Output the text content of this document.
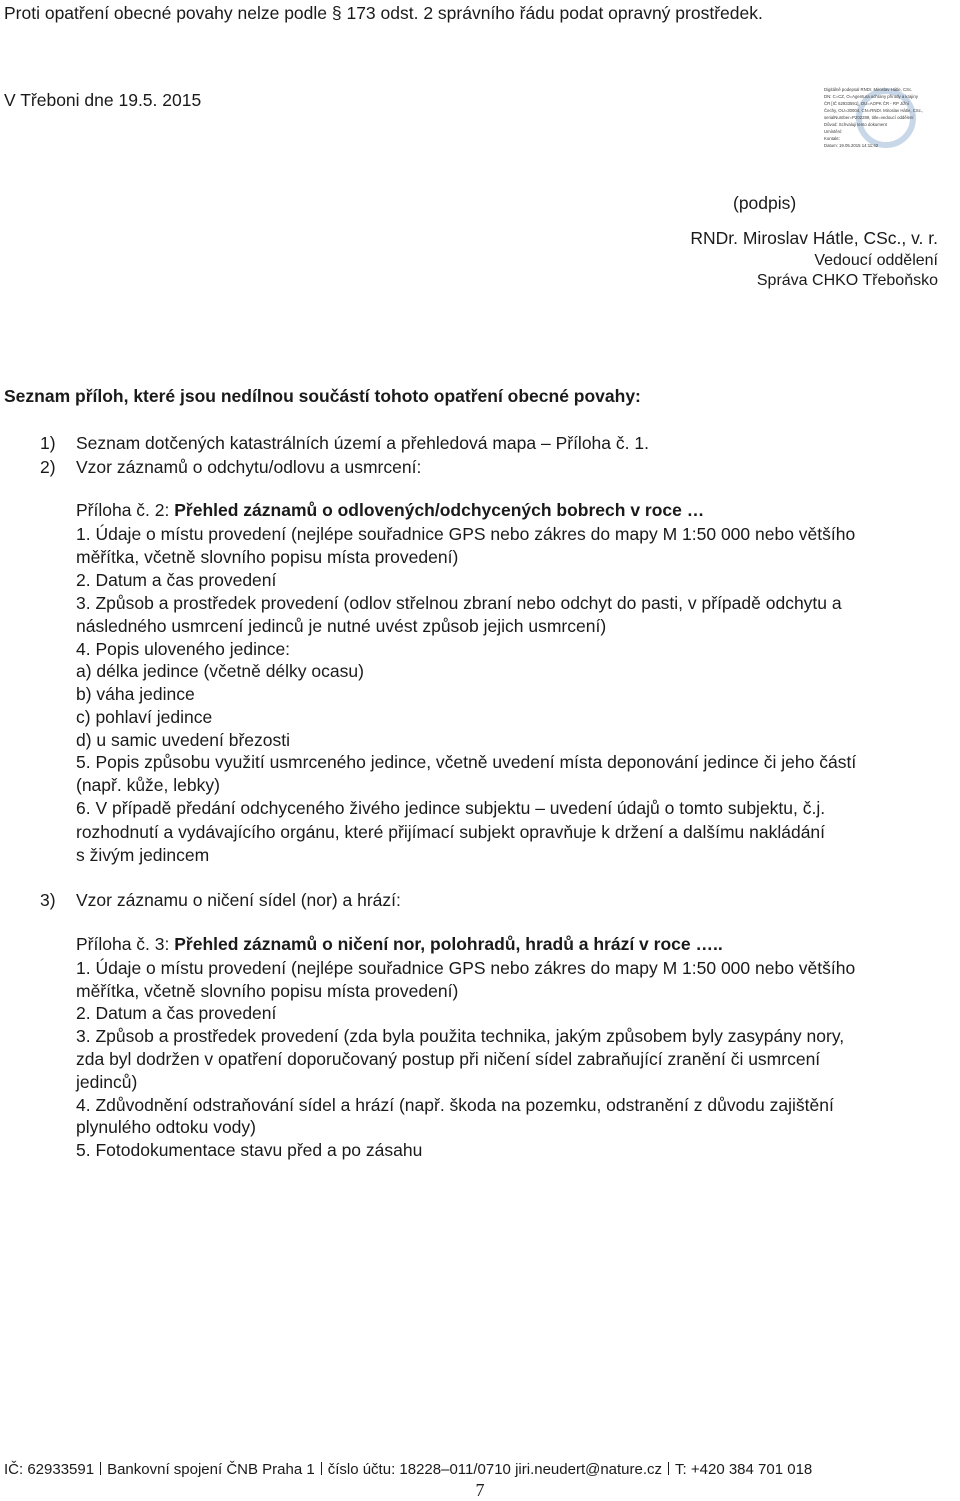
Proti opatření obecné povahy nelze podle § 173 odst. 2 správního řádu podat opravný prostředek.
V Třeboni dne 19.5. 2015
Digitálně podepsal RNDr. Miroslav Hátle, CSc.
DN: C=CZ, O=Agentura ochrany přírody a krajiny
ČR [IČ 62933591], OU=AOPK ČR - RP Jižní
Čechy, OU=30004, CN=RNDr. Miroslav Hátle, CSc.,
serialNumber=P202289, title=vedoucí oddělení
Důvod: Schvaluji tento dokument
Umístění:
Kontakt:
Datum: 19.05.2015 14:11:42
(podpis)
RNDr. Miroslav Hátle, CSc., v. r.
Vedoucí oddělení
Správa CHKO Třeboňsko
Seznam příloh, které jsou nedílnou součástí tohoto opatření obecné povahy:
1) Seznam dotčených katastrálních území a přehledová mapa – Příloha č. 1.
2) Vzor záznamů o odchytu/odlovu a usmrcení:
Příloha č. 2: Přehled záznamů o odlovených/odchycených bobrech v roce …
1. Údaje o místu provedení (nejlépe souřadnice GPS nebo zákres do mapy M 1:50 000 nebo většího
měřítka, včetně slovního popisu místa provedení)
2. Datum a čas provedení
3. Způsob a prostředek provedení (odlov střelnou zbraní nebo odchyt do pasti, v případě odchytu a
následného usmrcení jedinců je nutné uvést způsob jejich usmrcení)
4. Popis uloveného jedince:
a) délka jedince (včetně délky ocasu)
b) váha jedince
c) pohlaví jedince
d) u samic uvedení březosti
5. Popis způsobu využití usmrceného jedince, včetně uvedení místa deponování jedince či jeho částí
(např. kůže, lebky)
6. V případě předání odchyceného živého jedince subjektu – uvedení údajů o tomto subjektu, č.j.
rozhodnutí a vydávajícího orgánu, které přijímací subjekt opravňuje k držení a dalšímu nakládání
s živým jedincem
3) Vzor záznamu o ničení sídel (nor) a hrází:
Příloha č. 3: Přehled záznamů o ničení nor, polohradů, hradů a hrází v roce …..
1. Údaje o místu provedení (nejlépe souřadnice GPS nebo zákres do mapy M 1:50 000 nebo většího
měřítka, včetně slovního popisu místa provedení)
2. Datum a čas provedení
3. Způsob a prostředek provedení (zda byla použita technika, jakým způsobem byly zasypány nory,
zda byl dodržen v opatření doporučovaný postup při ničení sídel zabraňující zranění či usmrcení
jedinců)
4. Zdůvodnění odstraňování sídel a hrází (např. škoda na pozemku, odstranění z důvodu zajištění
plynulého odtoku vody)
5. Fotodokumentace stavu před a po zásahu
IČ: 62933591 Bankovní spojení ČNB Praha 1 číslo účtu: 18228–011/0710 jiri.neudert@nature.cz T: +420 384 701 018
7
